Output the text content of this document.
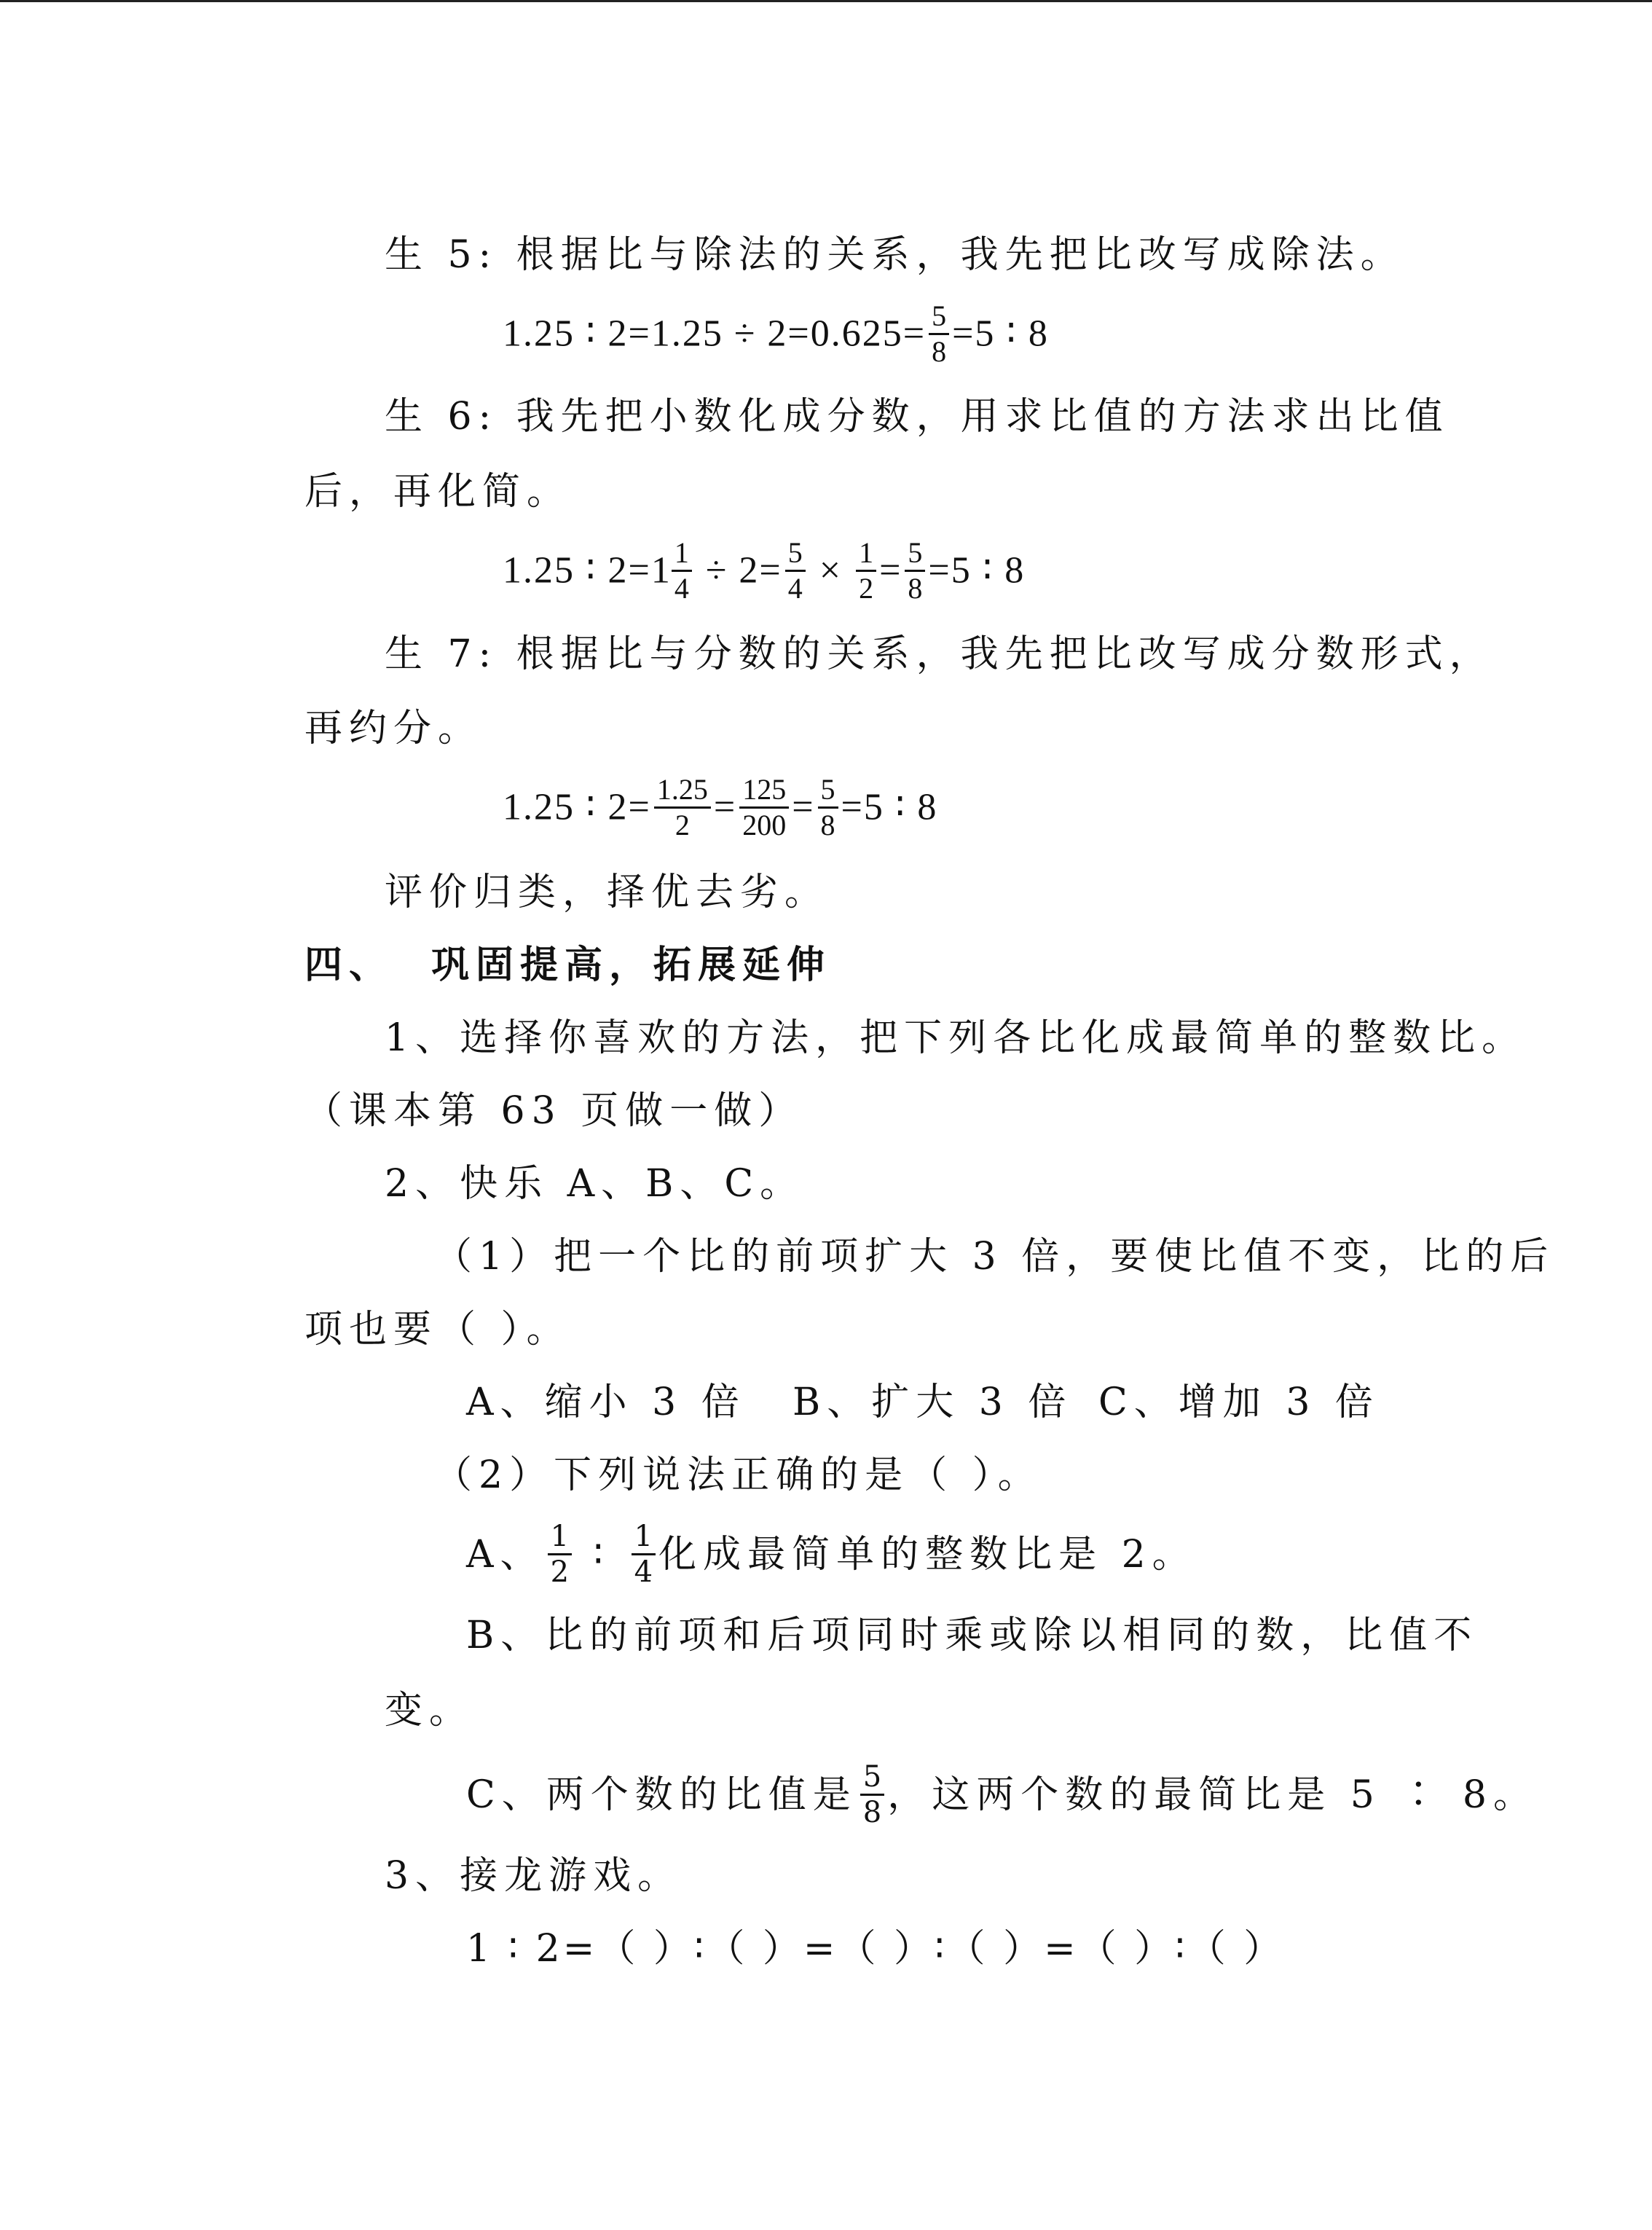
生 5: 根据比与除法的关系，我先把比改写成除法。
1.25 ∶ $2=1.25 \div 2=0.625= \frac{5}{8} =5$ ∶ 8
生 6: 我先把小数化成分数，用求比值的方法求出比值
后，再化简。
1.25 ∶ $2=1 \frac{1}{4} \div 2= \frac{5}{4} \times \frac{1}{2} = \frac{5}{8} =5$ ∶ 8
生 7: 根据比与分数的关系，我先把比改写成分数形式，
再约分。
1.25 ∶ $2= \frac{1.25}{2} = \frac{125}{200} = \frac{5}{8} =5$ ∶ 8
评价归类，择优去劣。
四、 巩固提高，拓展延伸
1、选择你喜欢的方法，把下列各比化成最简单的整数比。
（课本第 63 页做一做）
2、快乐 A、B、C。
（1）把一个比的前项扩大 3 倍，要使比值不变，比的后
项也要（ ）。
A、缩小 3 倍 B、扩大 3 倍 C、增加 3 倍
（2）下列说法正确的是（ ）。
A、 $\frac{1}{2}$ ∶ $\frac{1}{4}$ 化成最简单的整数比是 2。
B、比的前项和后项同时乘或除以相同的数，比值不
变。
C、两个数的比值是 $\frac{5}{8}$ ，这两个数的最简比是 5 ∶ 8。
3、接龙游戏。
1 ∶ 2=（ ）∶（ ）=（ ）∶（ ）=（ ）∶（ ）
